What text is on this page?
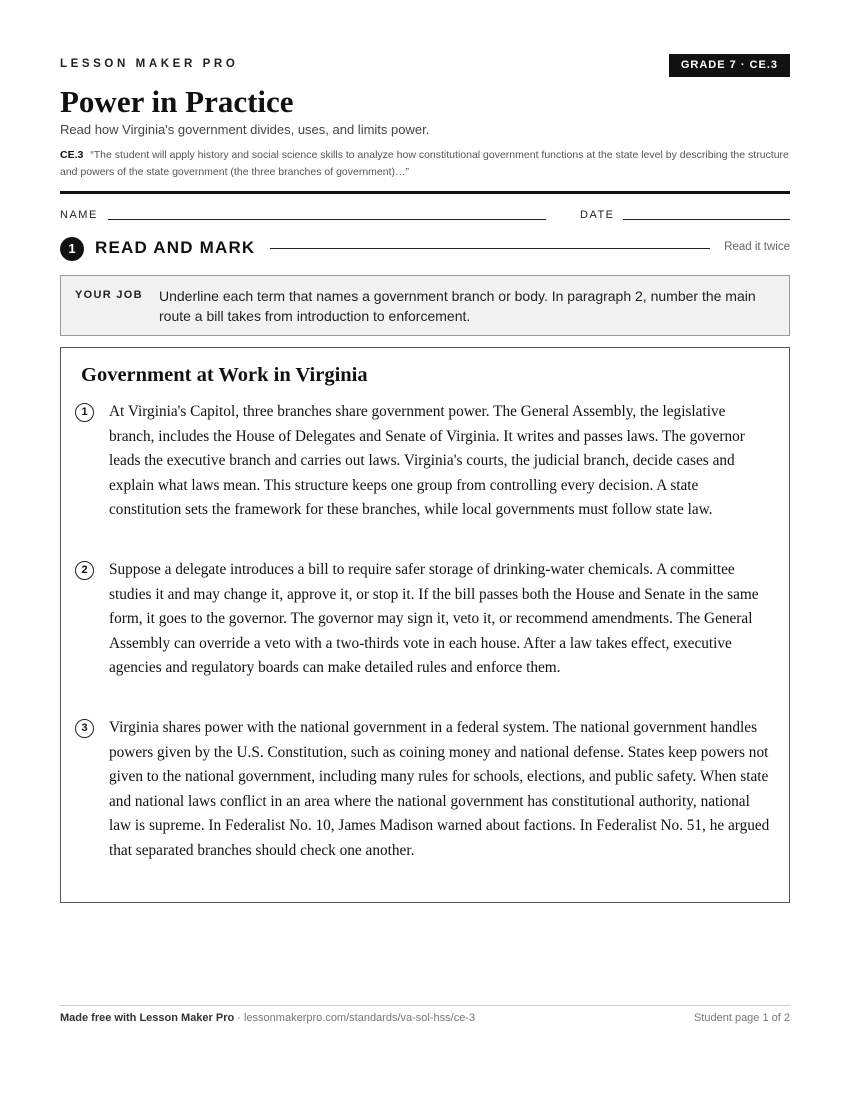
LESSON MAKER PRO	GRADE 7 · CE.3
Power in Practice
Read how Virginia's government divides, uses, and limits power.
CE.3 “The student will apply history and social science skills to analyze how constitutional government functions at the state level by describing the structure and powers of the state government (the three branches of government)…”
NAME	DATE
1	READ AND MARK	Read it twice
YOUR JOB Underline each term that names a government branch or body. In paragraph 2, number the main route a bill takes from introduction to enforcement.
Government at Work in Virginia
1	At Virginia's Capitol, three branches share government power. The General Assembly, the legislative branch, includes the House of Delegates and Senate of Virginia. It writes and passes laws. The governor leads the executive branch and carries out laws. Virginia's courts, the judicial branch, decide cases and explain what laws mean. This structure keeps one group from controlling every decision. A state constitution sets the framework for these branches, while local governments must follow state law.
2	Suppose a delegate introduces a bill to require safer storage of drinking-water chemicals. A committee studies it and may change it, approve it, or stop it. If the bill passes both the House and Senate in the same form, it goes to the governor. The governor may sign it, veto it, or recommend amendments. The General Assembly can override a veto with a two-thirds vote in each house. After a law takes effect, executive agencies and regulatory boards can make detailed rules and enforce them.
3	Virginia shares power with the national government in a federal system. The national government handles powers given by the U.S. Constitution, such as coining money and national defense. States keep powers not given to the national government, including many rules for schools, elections, and public safety. When state and national laws conflict in an area where the national government has constitutional authority, national law is supreme. In Federalist No. 10, James Madison warned about factions. In Federalist No. 51, he argued that separated branches should check one another.
Made free with Lesson Maker Pro · lessonmakerpro.com/standards/va-sol-hss/ce-3	Student page 1 of 2
